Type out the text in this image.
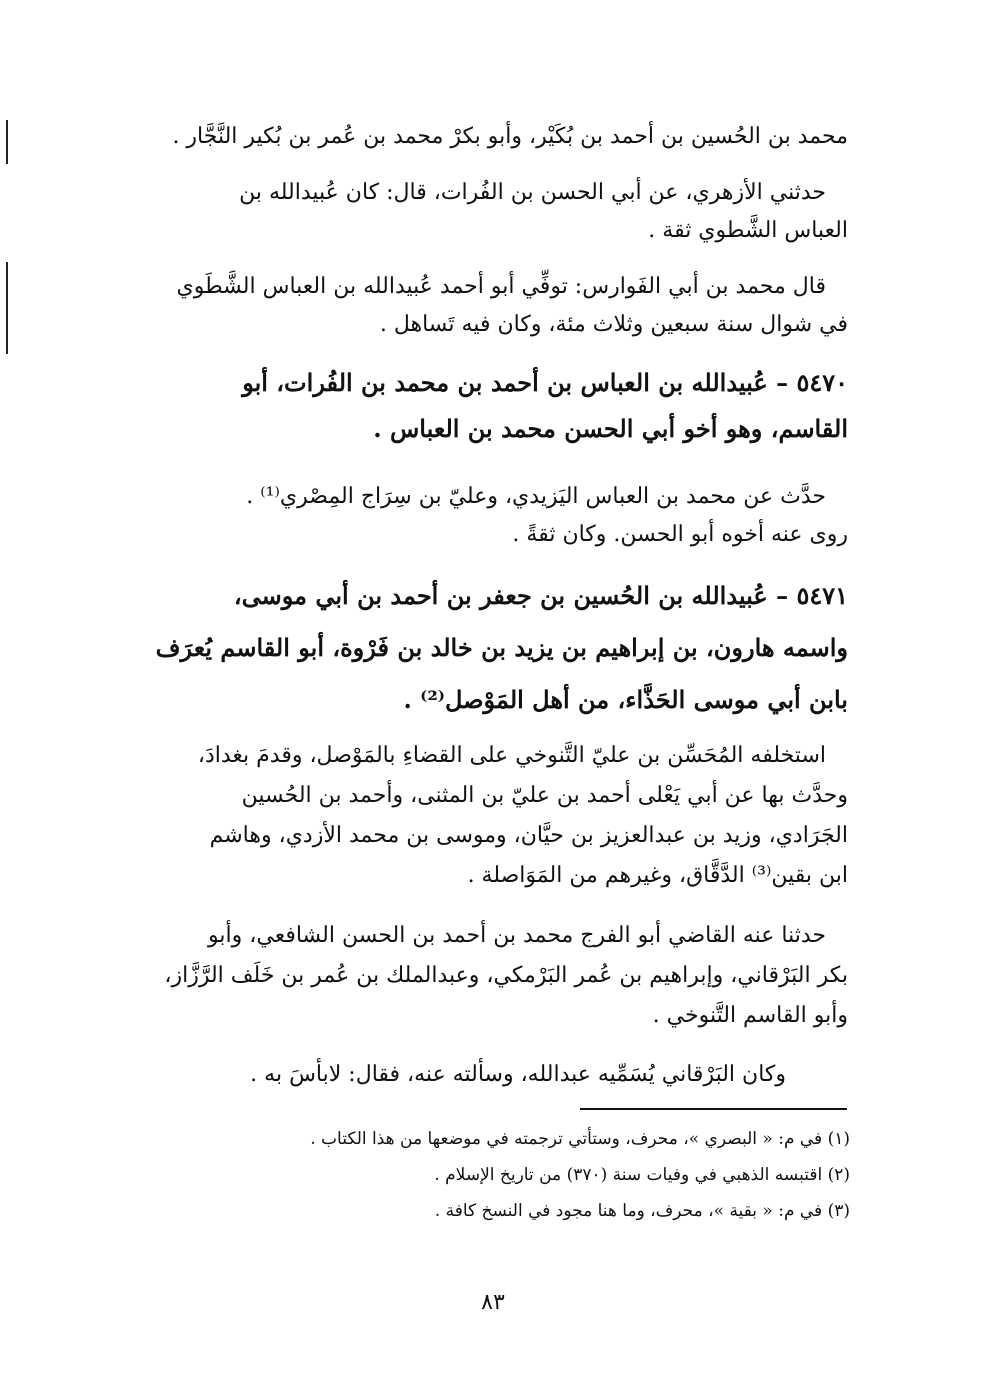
محمد بن الحُسين بن أحمد بن بُكَيْر، وأبو بكرْ محمد بن عُمر بن بُكير النَّجَّار .
حدثني الأزهري، عن أبي الحسن بن الفُرات، قال: كان عُبيدالله بن
العباس الشَّطوي ثقة .
قال محمد بن أبي الفَوارس: توفِّي أبو أحمد عُبيدالله بن العباس الشَّطَوي
في شوال سنة سبعين وثلاث مئة، وكان فيه تَساهل .
٥٤٧٠ – عُبيدالله بن العباس بن أحمد بن محمد بن الفُرات، أبو
القاسم، وهو أخو أبي الحسن محمد بن العباس .
حدَّث عن محمد بن العباس اليَزيدي، وعليّ بن سِرَاج المِصْري⁽¹⁾ .
روى عنه أخوه أبو الحسن. وكان ثقةً .
٥٤٧١ – عُبيدالله بن الحُسين بن جعفر بن أحمد بن أبي موسى،
واسمه هارون، بن إبراهيم بن يزيد بن خالد بن فَرْوة، أبو القاسم يُعرَف
بابن أبي موسى الحَذَّاء، من أهل المَوْصل⁽²⁾ .
استخلفه المُحَسِّن بن عليّ التَّنوخي على القضاءِ بالمَوْصل، وقدمَ بغدادَ،
وحدَّث بها عن أبي يَعْلى أحمد بن عليّ بن المثنى، وأحمد بن الحُسين
الجَرَادي، وزيد بن عبدالعزيز بن حيَّان، وموسى بن محمد الأزدي، وهاشم
ابن بقين⁽³⁾ الدَّقَّاق، وغيرهم من المَوَاصلة .
حدثنا عنه القاضي أبو الفرج محمد بن أحمد بن الحسن الشافعي، وأبو
بكر البَرْقاني، وإبراهيم بن عُمر البَرْمكي، وعبدالملك بن عُمر بن خَلَف الرَّزَّاز،
وأبو القاسم التَّنوخي .
وكان البَرْقاني يُسَمِّيه عبدالله، وسألته عنه، فقال: لابأسَ به .
(١) في م: « البصري »، محرف، وستأتي ترجمته في موضعها من هذا الكتاب .
(٢) اقتبسه الذهبي في وفيات سنة (٣٧٠) من تاريخ الإسلام .
(٣) في م: « بقية »، محرف، وما هنا مجود في النسخ كافة .
٨٣
